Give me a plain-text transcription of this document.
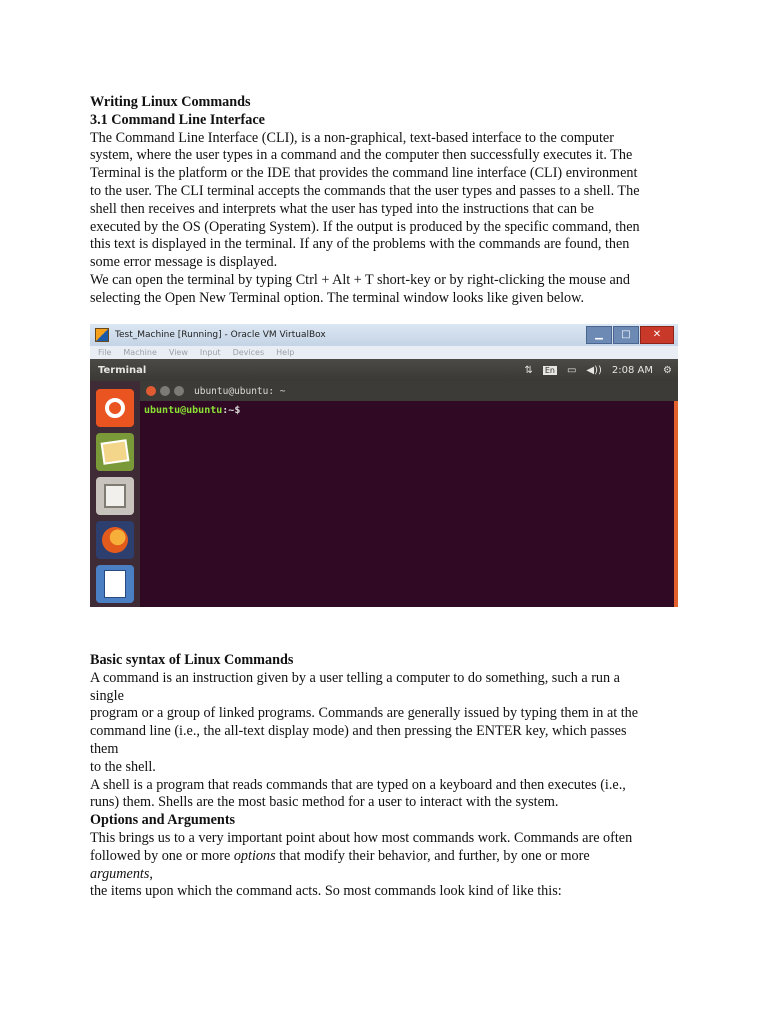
Writing Linux Commands

3.1 Command Line Interface

The Command Line Interface (CLI), is a non-graphical, text-based interface to the computer

system, where the user types in a command and the computer then successfully executes it. The

Terminal is the platform or the IDE that provides the command line interface (CLI) environment

to the user. The CLI terminal accepts the commands that the user types and passes to a shell. The

shell then receives and interprets what the user has typed into the instructions that can be

executed by the OS (Operating System). If the output is produced by the specific command, then

this text is displayed in the terminal. If any of the problems with the commands are found, then

some error message is displayed.

We can open the terminal by typing Ctrl + Alt + T short-key or by right-clicking the mouse and

selecting the Open New Terminal option. The terminal window looks like given below.

Test_Machine [Running] - Oracle VM VirtualBox	▁	□	✕
File Machine View Input Devices Help
Terminal	⇅ En ▭ ◀)) 2:08 AM ⚙
ubuntu@ubuntu: ~
ubuntu@ubuntu:~$

Basic syntax of Linux Commands

A command is an instruction given by a user telling a computer to do something, such a run a

single

program or a group of linked programs. Commands are generally issued by typing them in at the

command line (i.e., the all-text display mode) and then pressing the ENTER key, which passes

them

to the shell.

A shell is a program that reads commands that are typed on a keyboard and then executes (i.e.,

runs) them. Shells are the most basic method for a user to interact with the system.

Options and Arguments

This brings us to a very important point about how most commands work. Commands are often

followed by one or more options that modify their behavior, and further, by one or more

arguments,

the items upon which the command acts. So most commands look kind of like this:
